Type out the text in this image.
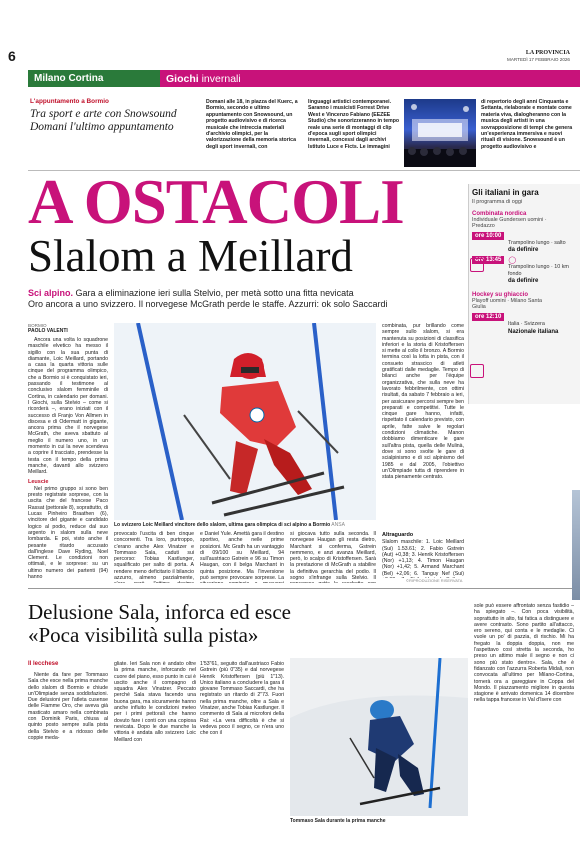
6	LA PROVINCIA
MARTEDÌ 17 FEBBRAIO 2026
Milano Cortina	Giochi
invernali
L'appuntamento a Bormio
Tra sport e arte con Snowsound
Domani l'ultimo appuntamento
Domani alle 18, in piazza del Kuerc, a Bormio, secondo e ultimo appuntamento con Snowsound, un progetto audiovisivo e di ricerca musicale che intreccia materiali d'archivio olimpici, per la valorizzazione della memoria storica degli sport invernali, con
linguaggi artistici contemporanei. Saranno i musicisti Forrest Drive West e Vincenzo Fabiano (EEZEE Studio) che sonorizzeranno in tempo reale una serie di montaggi di clip d'epoca sugli sport olimpici invernali, concessi dagli archivi Istituto Luce e Ficts. Le immagini
di repertorio degli anni Cinquanta e Settanta, rielaborate e montate come materia viva, dialogheranno con la musica degli artisti in una sovrapposizione di tempi che genera un'esperienza immersiva e nuovi rituali di visione. Snowsound è un progetto audiovisivo e
A OSTACOLI
Slalom a Meillard
Sci alpino. Gara a eliminazione ieri sulla Stelvio, per metà sotto una fitta nevicata
Oro ancora a uno svizzero. Il norvegese McGrath perde le staffe. Azzurri: ok solo Saccardi
Gli italiani in gara
Il programma di oggi
Combinata nordica
Individuale Gundersen uomini · Predazzo
ore 10:00
Trampolino lungo · salto
da definire
ore 13:45	◯
Trampolino lungo · 10 km fondo
da definire
Hockey su ghiaccio
Playoff uomini · Milano Santa Giulia
ore 12:10
Italia · Svizzera
Nazionale italiana
BORMIO
PAOLO VALENTI

Ancora una volta lo squadrone maschile elvetico ha messo il sigillo con la sua punta di diamante, Loic Meillard, portando a casa la quarta vittoria sulle cinque del programma olimpico, che a Bormio si è conquistato ieri, passando il testimone al conclusivo slalom femminile di Cortina, in calendario per domani. I Giochi, sulla Stelvio – come si ricorderà –, erano iniziati con il successo di Franjo Von Allmen in discesa e di Odermatt in gigante, ancora prima che il norvegese McGrath, che aveva sbattuto al meglio il numero uno, in un momento in cui la neve scendeva a coprire il tracciato, prendesse la testa con il tempo della prima manche, davanti allo svizzero Meillard.

Leuscie

Nel primo gruppo si sono ben presto registrate sorprese, con la uscita che del francese Paco Rassat (pettorale 8), soprattutto, di Lucas Pinheiro Braathen (6), vincitore del gigante e candidato logico al podio, reduce dal suo argento in slalom sulla neve lombarda. E poi, visto anche il pesante ritardo accusato dall'inglese Dave Ryding, Noel Clement. Le condizioni non ottimali, e le sorprese: su un ultimo numero dei partenti (94) hanno

Lo svizzero Loic Meillard vincitore dello slalom, ultima gara olimpica di sci alpino a Bormio ANSA

provocato l'uscita di ben cinque concorrenti. Tra loro, purtroppo, c'erano anche Alex Vinatzer e Tommaso Sala, caduti sui percorso: Tobias Kastlunger, squalificato per salto di porta. A rendere meno deficitario il bilancio azzurro, almeno parzialmente,

e Daniel Yule. Amettà gara il destino sportivo, anche nelle prime posizioni. Mc Grath ha un vantaggio di 09/100 su Meillard, 94 sull'austriaco Gstrein e 96 su Timon Haugan, con il belga Marchant in quinta posizione. Ma l'inversione può sempre provocare sorprese. La

si giocava tutto sulla seconda. Il norvegese Haugan gli resta dietro, Marchant si conferma, Gstrein nemmeno, e anzi avanza Meillard, però, lo scalpo di Kristoffersen. Sarà la prestazione di McGrath a stabilire la definitiva gerarchia del podio. Il sogno s'infrange sulla Stelvio. Il

combinata, pur brillando come sempre sullo slalom, si era mantenuta su posizioni di classifica inferiori e la storia di Kristoffersen si mette al collo il bronzo. A Bormio termina così la lotta in pista, con il consueto strascico di atleti gratificati dalle medaglie. Tempo di bilanci anche per l'équipe organizzativa, che sulla neve ha lavorato febbrilmente, con ottimi risultati, da sabato 7 febbraio a ieri, per assicurare percorsi sempre ben preparati e competitivi. Tutte le cinque gare hanno, infatti, rispettato il calendario previsto, con aprile, fatte salve le regolari condizioni climatiche. Manon dobbiamo dimenticare le gare sull'altra pista, quella delle Mulinà, dove si sono svolte le gare di scialpinismo e di sci alpinismo del 1985 e dal 2005, l'obiettivo un'Olimpiade tutta di riprendere in stata pienamente centrato.

Altraguardo
Slalom maschile: 1. Loic Meillard (Sui) 1.53.61; 2. Fabio Gstrein (Aut) +0,38; 3. Henrik Kristoffersen (Nor) +1,13; 4. Timon Haugan (Nor) +1,42; 5. Armand Marchant (Bel) +2,06; 6. Tanguy Nef (Sui)
©RIPRODUZIONE RISERVATA
Delusione Sala, inforca ed esce
«Poca visibilità sulla pista»
Il lecchese

Niente da fare per Tommaso Sala che esce nella prima manche dello slalom di Bormio e chiude un'Olimpiade senza soddisfazioni. Due delusioni per l'atleta cusense delle Fiamme Oro, che aveva già masticato amaro nella combinata con Dominik Paris, chiusa al quinto posto sempre sulla pista della Stelvio e a ridosso delle coppie meda-

gliate. Ieri Sala non è andato oltre la prima manche, inforcando nel cuore del piano, esso punto in cui è uscito anche il compagno di squadra Alex Vinatzer. Peccato perché Sala stava facendo una buona gara, ma sicuramente hanno anche influito le condizioni meteo per i primi pettorali che hanno dovuto fare i conti con una copiosa nevicata. Dopo le due manche la vittoria è andata allo svizzero Loic Meillard con

1'53"61, seguito dall'austriaco Fabio Gstrein (più 0"35) e dal norvegese Henrik Kristoffersen (più 1"13). Unico italiano a concludere la gara il giovane Tommaso Saccardi, che ha registrato un ritardo di 2"73. Fuori nella prima manche, oltre a Sala e Vinatzer, anche Tobias Kastlunger. Il commento di Sala ai microfoni della Rai: «La vera difficoltà è che si vedeva poco il segno, ce n'era uno che con il

Tommaso Sala durante la prima manche

sole può essere affrontato senza fastidio – ha spiegato –. Con poca visibilità, soprattutto in alto, fai fatica a distinguere e avere contrasto. Sono partito all'attacco, ero sereno, qui conta e le medaglie. Ci vuole un po' di pazzia, di rischio. Mi ha fregato la doppia doppia, non me l'aspettavo così stretta la seconda, ho preso un attimo male il segno e non ci sono più stato dentro». Sala, che è fidanzato con l'azzurra Roberta Midali, non convocata all'ultimo per Milano-Cortina, tornerà ora a gareggiare in Coppa del Mondo. Il piazzamento migliore in questa stagione è arrivato domenica 14 dicembre nella tappa francese in Val d'Isere con
